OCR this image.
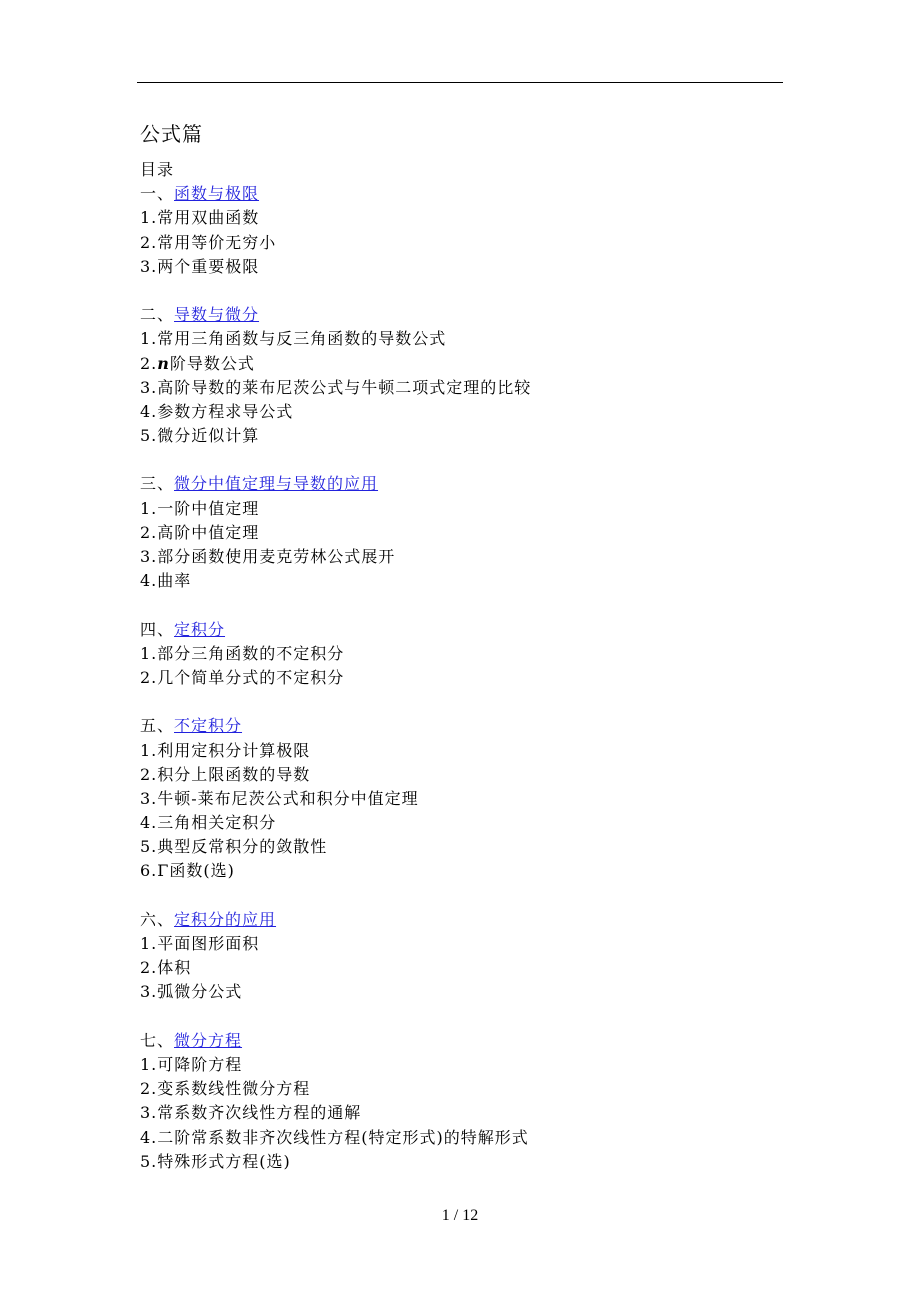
公式篇
目录
一、函数与极限
1.常用双曲函数
2.常用等价无穷小
3.两个重要极限
二、导数与微分
1.常用三角函数与反三角函数的导数公式
2.n阶导数公式
3.高阶导数的莱布尼茨公式与牛顿二项式定理的比较
4.参数方程求导公式
5.微分近似计算
三、微分中值定理与导数的应用
1.一阶中值定理
2.高阶中值定理
3.部分函数使用麦克劳林公式展开
4.曲率
四、定积分
1.部分三角函数的不定积分
2.几个简单分式的不定积分
五、不定积分
1.利用定积分计算极限
2.积分上限函数的导数
3.牛顿-莱布尼茨公式和积分中值定理
4.三角相关定积分
5.典型反常积分的敛散性
6.Γ函数(选)
六、定积分的应用
1.平面图形面积
2.体积
3.弧微分公式
七、微分方程
1.可降阶方程
2.变系数线性微分方程
3.常系数齐次线性方程的通解
4.二阶常系数非齐次线性方程(特定形式)的特解形式
5.特殊形式方程(选)
1 / 12
